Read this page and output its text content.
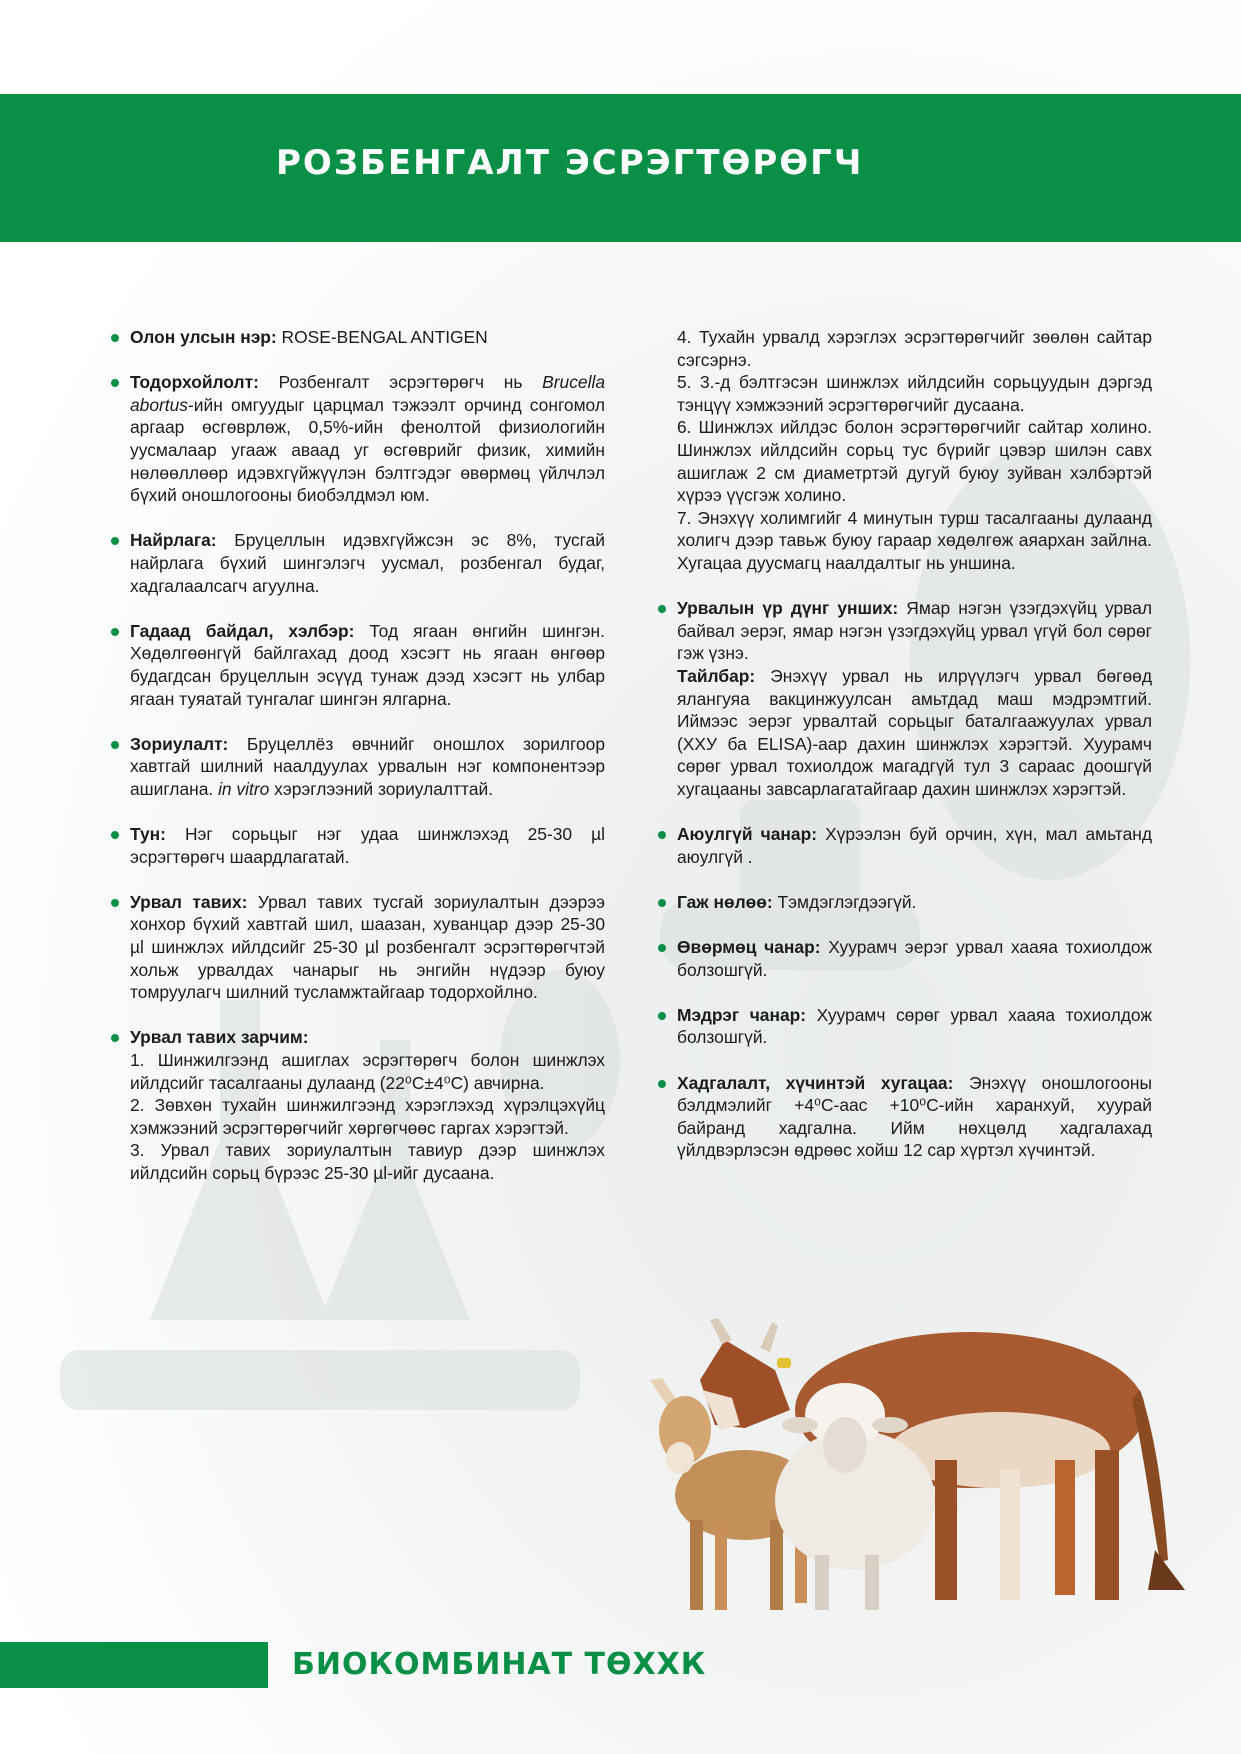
РОЗБЕНГАЛТ ЭСРЭГТӨРӨГЧ

Олон улсын нэр: ROSE-BENGAL ANTIGEN

Тодорхойлолт: Розбенгалт эсрэгтөрөгч нь Brucella abortus-ийн омгуудыг царцмал тэжээлт орчинд сонгомол аргаар өсгөврлөж, 0,5%-ийн фенолтой физиологийн уусмалаар угааж аваад уг өсгөврийг физик, химийн нөлөөллөөр идэвхгүйжүүлэн бэлтгэдэг өвөрмөц үйлчлэл бүхий оношлогооны биобэлдмэл юм.

Найрлага: Бруцеллын идэвхгүйжсэн эс 8%, тусгай найрлага бүхий шингэлэгч уусмал, розбенгал будаг, хадгалаалсагч агуулна.

Гадаад байдал, хэлбэр: Тод ягаан өнгийн шингэн. Хөдөлгөөнгүй байлгахад доод хэсэгт нь ягаан өнгөөр будагдсан бруцеллын эсүүд тунаж дээд хэсэгт нь улбар ягаан туяатай тунгалаг шингэн ялгарна.

Зориулалт: Бруцеллёз өвчнийг оношлох зорилгоор хавтгай шилний наалдуулах урвалын нэг компонентээр ашиглана. in vitro хэрэглээний зориулалттай.

Тун: Нэг сорьцыг нэг удаа шинжлэхэд 25-30 µl эсрэгтөрөгч шаардлагатай.

Урвал тавих: Урвал тавих тусгай зориулалтын дээрээ хонхор бүхий хавтгай шил, шаазан, хуванцар дээр 25-30 µl шинжлэх ийлдсийг 25-30 µl розбенгалт эсрэгтөрөгчтэй хольж урвалдах чанарыг нь энгийн нүдээр буюу томруулагч шилний тусламжтайгаар тодорхойлно.

Урвал тавих зарчим:

1. Шинжилгээнд ашиглах эсрэгтөрөгч болон шинжлэх ийлдсийг тасалгааны дулаанд (22⁰С±4⁰С) авчирна.

2. Зөвхөн тухайн шинжилгээнд хэрэглэхэд хүрэлцэхүйц хэмжээний эсрэгтөрөгчийг хөргөгчөөс гаргах хэрэгтэй.

3. Урвал тавих зориулалтын тавиур дээр шинжлэх ийлдсийн сорьц бүрээс 25-30 µl-ийг дусаана.

4. Тухайн урвалд хэрэглэх эсрэгтөрөгчийг зөөлөн сайтар сэгсэрнэ.

5. 3.-д бэлтгэсэн шинжлэх ийлдсийн сорьцуудын дэргэд тэнцүү хэмжээний эсрэгтөрөгчийг дусаана.

6. Шинжлэх ийлдэс болон эсрэгтөрөгчийг сайтар холино. Шинжлэх ийлдсийн сорьц тус бүрийг цэвэр шилэн савх ашиглаж 2 см диаметртэй дугуй буюу зуйван хэлбэртэй хүрээ үүсгэж холино.

7. Энэхүү холимгийг 4 минутын турш тасалгааны дулаанд холигч дээр тавьж буюу гараар хөдөлгөж аяархан зайлна. Хугацаа дуусмагц наалдалтыг нь уншина.

Урвалын үр дүнг унших: Ямар нэгэн үзэгдэхүйц урвал байвал эерэг, ямар нэгэн үзэгдэхүйц урвал үгүй бол сөрөг гэж үзнэ.

Тайлбар: Энэхүү урвал нь илрүүлэгч урвал бөгөөд ялангуяа вакцинжуулсан амьтдад маш мэдрэмтгий. Иймээс эерэг урвалтай сорьцыг баталгаажуулах урвал (ХХУ ба ELISA)-аар дахин шинжлэх хэрэгтэй. Хуурамч сөрөг урвал тохиолдож магадгүй тул 3 сараас доошгүй хугацааны завсарлагатайгаар дахин шинжлэх хэрэгтэй.

Аюулгүй чанар: Хүрээлэн буй орчин, хүн, мал амьтанд аюулгүй .

Гаж нөлөө: Тэмдэглэгдээгүй.

Өвөрмөц чанар: Хуурамч эерэг урвал хааяа тохиолдож болзошгүй.

Мэдрэг чанар: Хуурамч сөрөг урвал хааяа тохиолдож болзошгүй.

Хадгалалт, хүчинтэй хугацаа: Энэхүү оношлогооны бэлдмэлийг +4⁰С-аас +10⁰С-ийн харанхуй, хуурай байранд хадгална. Ийм нөхцөлд хадгалахад үйлдвэрлэсэн өдрөөс хойш 12 сар хүртэл хүчинтэй.

БИОКОМБИНАТ ТӨХХК
